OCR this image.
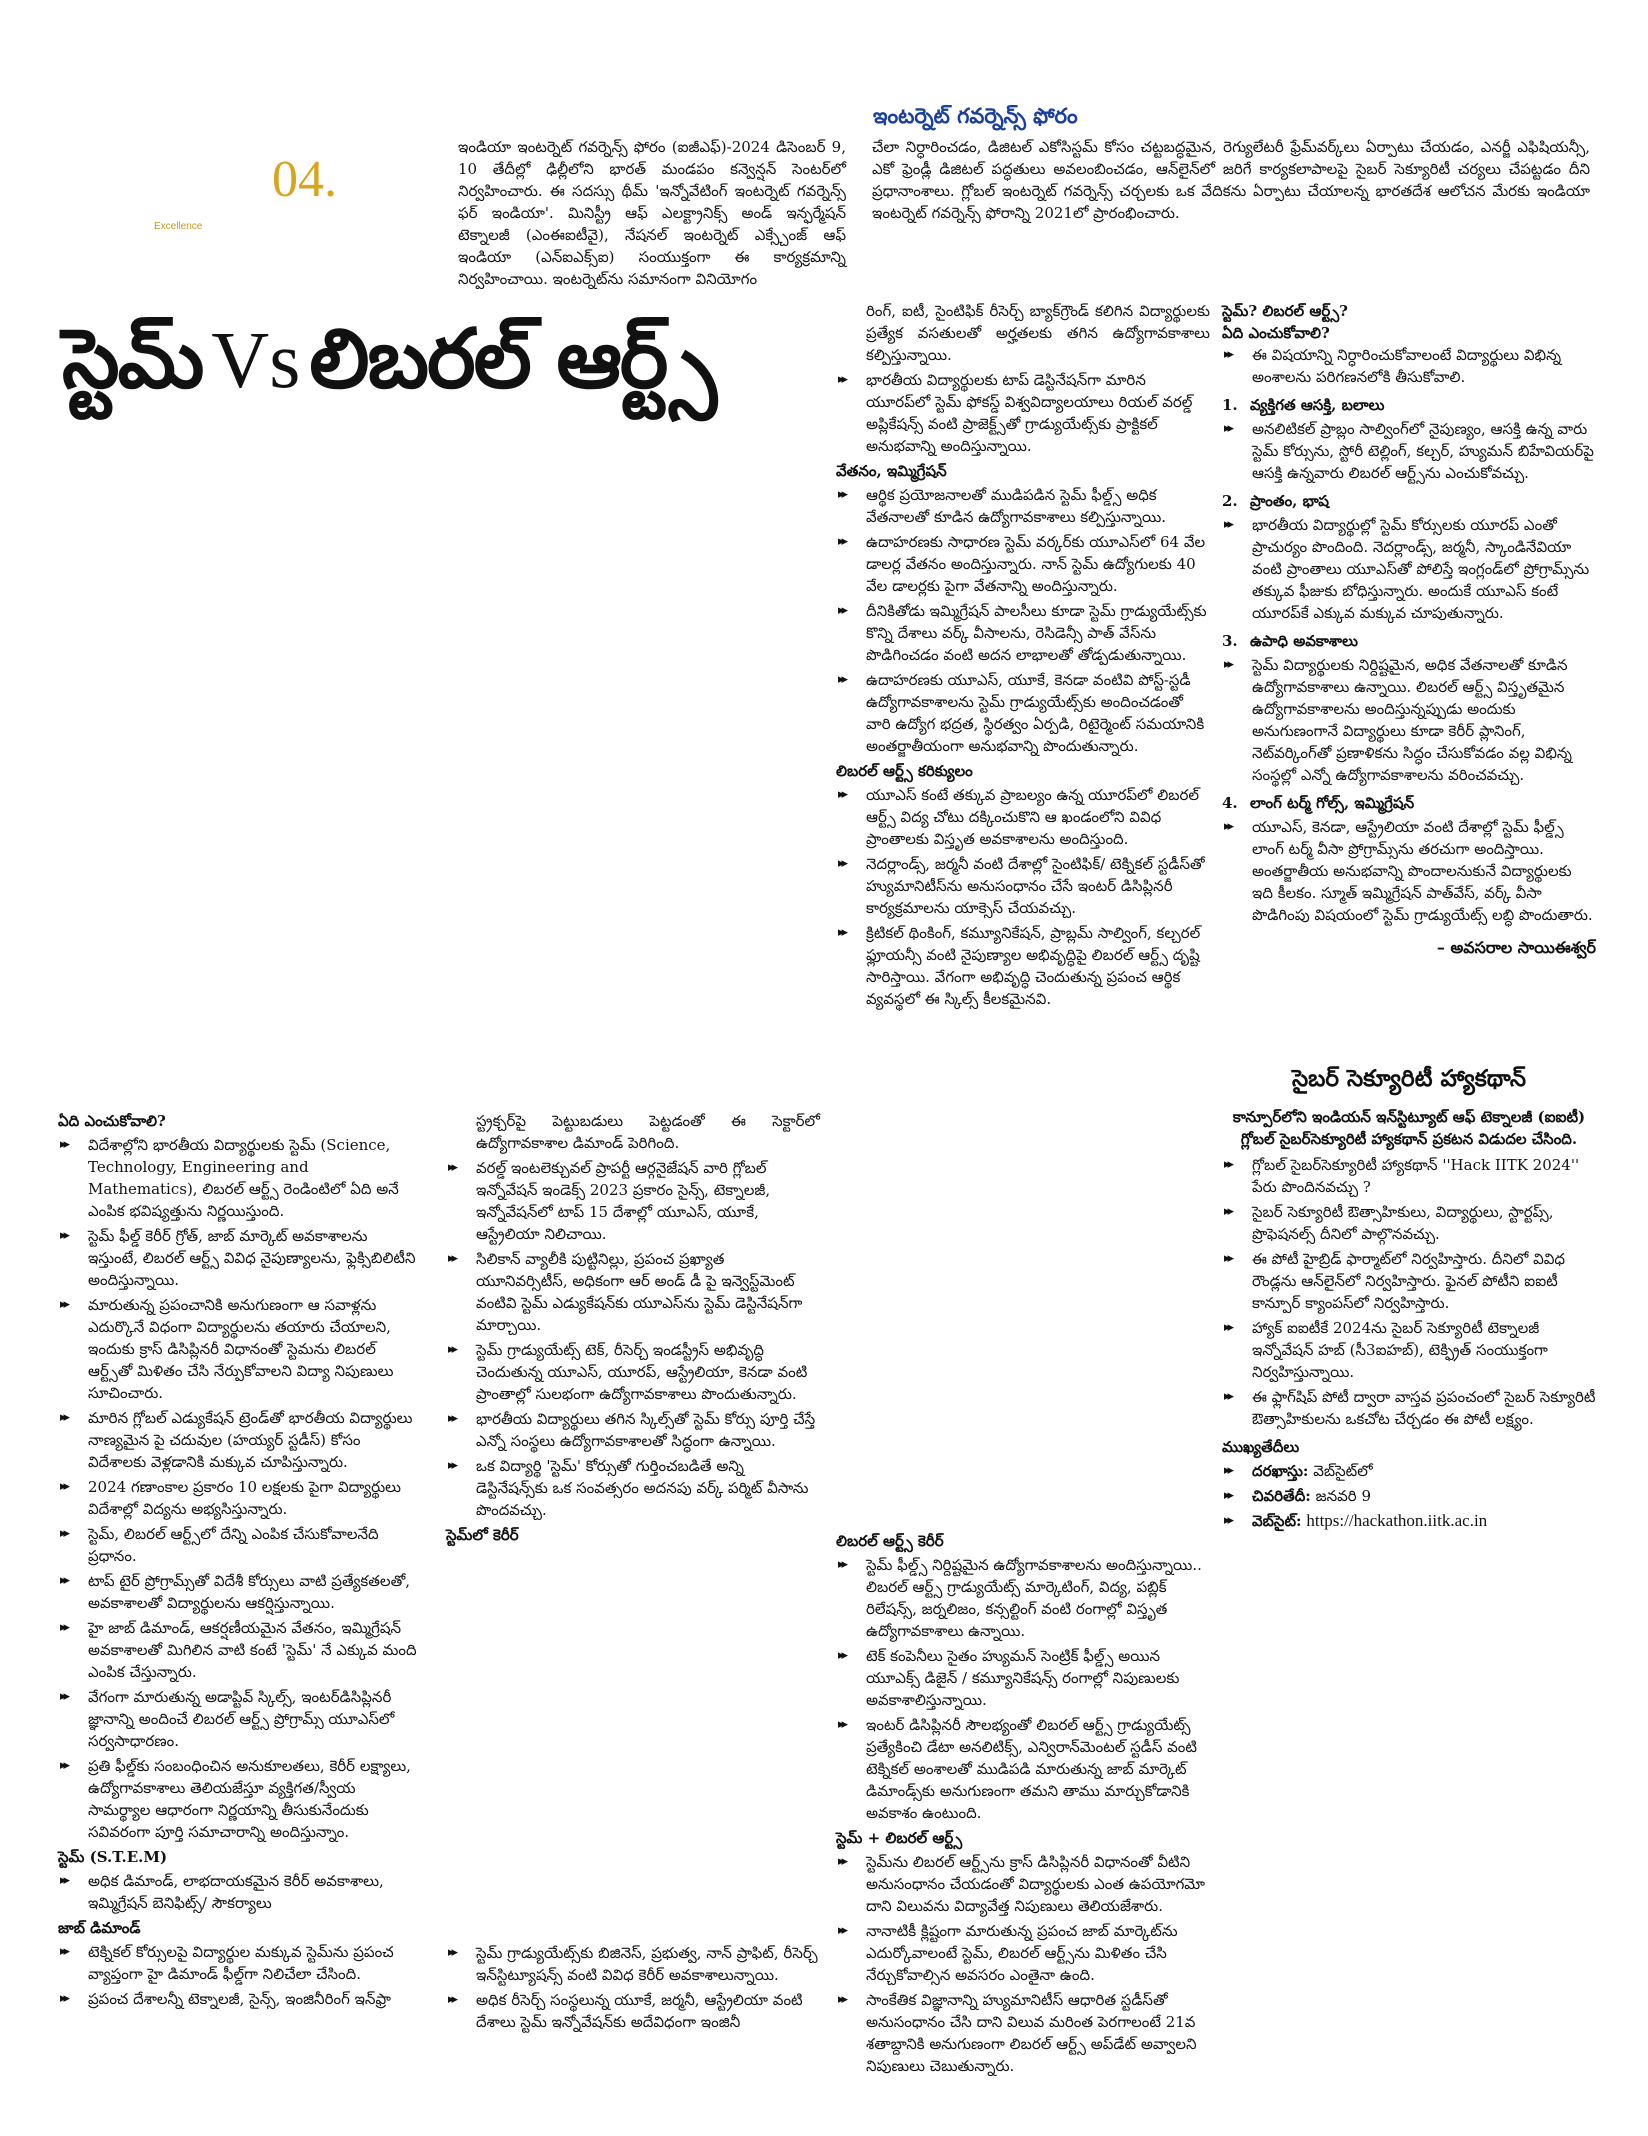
ఇంటర్నెట్ గవర్నెన్స్ ఫోరం
04.
Excellence

ఇండియా ఇంటర్నెట్ గవర్నెన్స్ ఫోరం (ఐజీఎఫ్)-2024 డిసెంబర్ 9, 10 తేదీల్లో ఢిల్లీలోని భారత్ మండపం కన్వెన్షన్ సెంటర్‌లో నిర్వహించారు. ఈ సదస్సు థీమ్ 'ఇన్నోవేటింగ్ ఇంటర్నెట్ గవర్నెన్స్ ఫర్ ఇండియా'. మినిస్ట్రీ ఆఫ్ ఎలక్ట్రానిక్స్ అండ్ ఇన్ఫర్మేషన్ టెక్నాలజీ (ఎంఈఐటీవై), నేషనల్ ఇంటర్నెట్ ఎక్స్చేంజ్ ఆఫ్ ఇండియా (ఎన్ఐఎక్స్ఐ) సంయుక్తంగా ఈ కార్యక్రమాన్ని నిర్వహించాయి. ఇంటర్నెట్‌ను సమానంగా వినియోగం

చేలా నిర్ధారించడం, డిజిటల్ ఎకోసిస్టమ్ కోసం చట్టబద్ధమైన, రెగ్యులేటరీ ఫ్రేమ్‌వర్క్‌లు ఏర్పాటు చేయడం, ఎనర్జీ ఎఫిషియన్సీ, ఎకో ఫ్రెండ్లీ డిజిటల్ పద్ధతులు అవలంబించడం, ఆన్‌లైన్‌లో జరిగే కార్యకలాపాలపై సైబర్ సెక్యూరిటీ చర్యలు చేపట్టడం దీని ప్రధానాంశాలు. గ్లోబల్ ఇంటర్నెట్ గవర్నెన్స్ చర్చలకు ఒక వేదికను ఏర్పాటు చేయాలన్న భారతదేశ ఆలోచన మేరకు ఇండియా ఇంటర్నెట్ గవర్నెన్స్ ఫోరాన్ని 2021లో ప్రారంభించారు.

స్టెమ్ Vs లిబరల్ ఆర్ట్స్

రింగ్, ఐటీ, సైంటిఫిక్ రీసెర్చ్ బ్యాక్‌గ్రౌండ్ కలిగిన విద్యార్థులకు ప్రత్యేక వసతులతో అర్హతలకు తగిన ఉద్యోగావకాశాలు కల్పిస్తున్నాయి.

▸▸ భారతీయ విద్యార్థులకు టాప్ డెస్టినేషన్‌గా మారిన యూరప్‌లో స్టెమ్ ఫోకస్డ్ విశ్వవిద్యాలయాలు రియల్ వరల్డ్ అప్లికేషన్స్ వంటి ప్రాజెక్ట్స్‌తో గ్రాడ్యుయేట్స్‌కు ప్రాక్టికల్ అనుభవాన్ని అందిస్తున్నాయి.
వేతనం, ఇమ్మిగ్రేషన్
▸▸ ఆర్థిక ప్రయోజనాలతో ముడిపడిన స్టెమ్ ఫీల్డ్స్ అధిక వేతనాలతో కూడిన ఉద్యోగావకాశాలు కల్పిస్తున్నాయి.
▸▸ ఉదాహరణకు సాధారణ స్టెమ్ వర్కర్‌కు యూఎస్‌లో 64 వేల డాలర్ల వేతనం అందిస్తున్నారు. నాన్ స్టెమ్ ఉద్యోగులకు 40 వేల డాలర్లకు పైగా వేతనాన్ని అందిస్తున్నారు.
▸▸ దీనికితోడు ఇమ్మిగ్రేషన్ పాలసీలు కూడా స్టెమ్ గ్రాడ్యుయేట్స్‌కు కొన్ని దేశాలు వర్క్ వీసాలను, రెసిడెన్సీ పాత్ వేస్‌ను పొడిగించడం వంటి అదన లాభాలతో తోడ్పడుతున్నాయి.
▸▸ ఉదాహరణకు యూఎస్, యూకే, కెనడా వంటివి పోస్ట్-స్టడీ ఉద్యోగావకాశాలను స్టెమ్ గ్రాడ్యుయేట్స్‌కు అందించడంతో వారి ఉద్యోగ భద్రత, స్థిరత్వం ఏర్పడి, రిటైర్మెంట్ సమయానికి అంతర్జాతీయంగా అనుభవాన్ని పొందుతున్నారు.
లిబరల్ ఆర్ట్స్ కరిక్యులం
▸▸ యూఎస్ కంటే తక్కువ ప్రాబల్యం ఉన్న యూరప్‌లో లిబరల్ ఆర్ట్స్ విద్య చోటు దక్కించుకొని ఆ ఖండంలోని వివిధ ప్రాంతాలకు విస్తృత అవకాశాలను అందిస్తుంది.
▸▸ నెదర్లాండ్స్, జర్మనీ వంటి దేశాల్లో సైంటిఫిక్/ టెక్నికల్ స్టడీస్‌తో హ్యుమానిటీస్‌ను అనుసంధానం చేసే ఇంటర్ డిసిప్లినరీ కార్యక్రమాలను యాక్సెస్ చేయవచ్చు.
▸▸ క్రిటికల్ థింకింగ్, కమ్యూనికేషన్, ప్రాబ్లమ్ సాల్వింగ్, కల్చరల్ ఫ్లూయన్సీ వంటి నైపుణ్యాల అభివృద్ధిపై లిబరల్ ఆర్ట్స్ దృష్టి సారిస్తాయి. వేగంగా అభివృద్ధి చెందుతున్న ప్రపంచ ఆర్థిక వ్యవస్థలో ఈ స్కిల్స్ కీలకమైనవి.
స్టెమ్? లిబరల్ ఆర్ట్స్?
ఏది ఎంచుకోవాలి?
▸▸ ఈ విషయాన్ని నిర్ధారించుకోవాలంటే విద్యార్థులు విభిన్న అంశాలను పరిగణనలోకి తీసుకోవాలి.
1. వ్యక్తిగత ఆసక్తి, బలాలు
▸▸ అనలిటికల్ ప్రాబ్లం సాల్వింగ్‌లో నైపుణ్యం, ఆసక్తి ఉన్న వారు స్టెమ్ కోర్సును, స్టోరీ టెల్లింగ్, కల్చర్, హ్యుమన్ బిహేవియర్‌పై ఆసక్తి ఉన్నవారు లిబరల్ ఆర్ట్స్‌ను ఎంచుకోవచ్చు.
2. ప్రాంతం, భాష
▸▸ భారతీయ విద్యార్థుల్లో స్టెమ్ కోర్సులకు యూరప్ ఎంతో ప్రాచుర్యం పొందింది. నెదర్లాండ్స్, జర్మనీ, స్కాండినేవియా వంటి ప్రాంతాలు యూఎస్‌తో పోలిస్తే ఇంగ్లండ్‌లో ప్రోగ్రామ్స్‌ను తక్కువ ఫీజుకు బోధిస్తున్నారు. అందుకే యూఎస్ కంటే యూరప్‌కే ఎక్కువ మక్కువ చూపుతున్నారు.
3. ఉపాధి అవకాశాలు
▸▸ స్టెమ్ విద్యార్థులకు నిర్దిష్టమైన, అధిక వేతనాలతో కూడిన ఉద్యోగావకాశాలు ఉన్నాయి. లిబరల్ ఆర్ట్స్ విస్తృతమైన ఉద్యోగావకాశాలను అందిస్తున్నప్పుడు అందుకు అనుగుణంగానే విద్యార్థులు కూడా కెరీర్ ప్లానింగ్, నెట్‌వర్కింగ్‌తో ప్రణాళికను సిద్ధం చేసుకోవడం వల్ల విభిన్న సంస్థల్లో ఎన్నో ఉద్యోగావకాశాలను వరించవచ్చు.
4. లాంగ్ టర్మ్ గోల్స్, ఇమ్మిగ్రేషన్
▸▸ యూఎస్, కెనడా, ఆస్ట్రేలియా వంటి దేశాల్లో స్టెమ్ ఫీల్డ్స్ లాంగ్ టర్మ్ వీసా ప్రోగ్రామ్స్‌ను తరచుగా అందిస్తాయి. అంతర్జాతీయ అనుభవాన్ని పొందాలనుకునే విద్యార్థులకు ఇది కీలకం. స్మూత్ ఇమ్మిగ్రేషన్ పాత్‌వేస్, వర్క్ వీసా పొడిగింపు విషయంలో స్టెమ్ గ్రాడ్యుయేట్స్ లబ్ధి పొందుతారు.
– అవసరాల సాయిఈశ్వర్
సైబర్ సెక్యూరిటీ హ్యాకథాన్

కాన్పూర్‌లోని ఇండియన్ ఇన్‌స్టిట్యూట్ ఆఫ్ టెక్నాలజీ (ఐఐటీ) గ్లోబల్ సైబర్‌సెక్యూరిటీ హ్యాకథాన్ ప్రకటన విడుదల చేసింది.

▸▸ గ్లోబల్ సైబర్‌సెక్యూరిటీ హ్యాకథాన్ ''Hack IITK 2024'' పేరు పొందినవచ్చు ?
▸▸ సైబర్ సెక్యూరిటీ ఔత్సాహికులు, విద్యార్థులు, స్టార్టప్స్, ప్రొఫెషనల్స్ దీనిలో పాల్గొనవచ్చు.
▸▸ ఈ పోటీ హైబ్రిడ్ ఫార్మాట్‌లో నిర్వహిస్తారు. దీనిలో వివిధ రౌండ్లను ఆన్‌లైన్‌లో నిర్వహిస్తారు. ఫైనల్ పోటీని ఐఐటీ కాన్పూర్ క్యాంపస్‌లో నిర్వహిస్తారు.
▸▸ హ్యాక్ ఐఐటీకే 2024ను సైబర్ సెక్యూరిటీ టెక్నాలజీ ఇన్నోవేషన్ హబ్ (సీ3ఐహబ్), టెక్ఫ్రిత్ సంయుక్తంగా నిర్వహిస్తున్నాయి.
▸▸ ఈ ఫ్లాగ్‌షిప్ పోటీ ద్వారా వాస్తవ ప్రపంచంలో సైబర్ సెక్యూరిటీ ఔత్సాహికులను ఒకచోట చేర్చడం ఈ పోటీ లక్ష్యం.
ముఖ్యతేదీలు
▸▸ దరఖాస్తు: వెబ్‌సైట్‌లో
▸▸ చివరితేదీ: జనవరి 9
▸▸ వెబ్‌సైట్: https://hackathon.iitk.ac.in
ఏది ఎంచుకోవాలి?
▸▸ విదేశాల్లోని భారతీయ విద్యార్థులకు స్టెమ్ (Science, Technology, Engineering and Mathematics), లిబరల్ ఆర్ట్స్ రెండింటిలో ఏది అనే ఎంపిక భవిష్యత్తును నిర్ణయిస్తుంది.
▸▸ స్టెమ్ ఫీల్డ్ కెరీర్ గ్రోత్, జాబ్ మార్కెట్ అవకాశాలను ఇస్తుంటే, లిబరల్ ఆర్ట్స్ వివిధ నైపుణ్యాలను, ఫ్లెక్సిబిలిటీని అందిస్తున్నాయి.
▸▸ మారుతున్న ప్రపంచానికి అనుగుణంగా ఆ సవాళ్లను ఎదుర్కొనే విధంగా విద్యార్థులను తయారు చేయాలని, ఇందుకు క్రాస్ డిసిప్లినరీ విధానంతో స్టెమను లిబరల్ ఆర్ట్స్‌తో మిళితం చేసి నేర్పుకోవాలని విద్యా నిపుణులు సూచించారు.
▸▸ మారిన గ్లోబల్ ఎడ్యుకేషన్ ట్రెండ్‌తో భారతీయ విద్యార్థులు నాణ్యమైన పై చదువుల (హయ్యర్ స్టడీస్) కోసం విదేశాలకు వెళ్లడానికి మక్కువ చూపిస్తున్నారు.
▸▸ 2024 గణాంకాల ప్రకారం 10 లక్షలకు పైగా విద్యార్థులు విదేశాల్లో విద్యను అభ్యసిస్తున్నారు.
▸▸ స్టెమ్, లిబరల్ ఆర్ట్స్‌లో దేన్ని ఎంపిక చేసుకోవాలనేది ప్రధానం.
▸▸ టాప్ టైర్ ప్రోగ్రామ్స్‌తో విదేశీ కోర్సులు వాటి ప్రత్యేకతలతో, అవకాశాలతో విద్యార్థులను ఆకర్షిస్తున్నాయి.
▸▸ హై జాబ్ డిమాండ్, ఆకర్షణీయమైన వేతనం, ఇమ్మిగ్రేషన్ అవకాశాలతో మిగిలిన వాటి కంటే 'స్టెమ్' నే ఎక్కువ మంది ఎంపిక చేస్తున్నారు.
▸▸ వేగంగా మారుతున్న అడాప్టివ్ స్కిల్స్, ఇంటర్‌డిసిప్లినరీ జ్ఞానాన్ని అందించే లిబరల్ ఆర్ట్స్ ప్రోగ్రామ్స్ యూఎస్‌లో సర్వసాధారణం.
▸▸ ప్రతి ఫీల్డ్‌కు సంబంధించిన అనుకూలతలు, కెరీర్ లక్ష్యాలు, ఉద్యోగావకాశాలు తెలియజేస్తూ వ్యక్తిగత/స్వీయ సామర్థ్యాల ఆధారంగా నిర్ణయాన్ని తీసుకునేందుకు సవివరంగా పూర్తి సమాచారాన్ని అందిస్తున్నాం.
స్టెమ్ (S.T.E.M)
▸▸ అధిక డిమాండ్, లాభదాయకమైన కెరీర్ అవకాశాలు, ఇమ్మిగ్రేషన్ బెనిఫిట్స్/ సౌకర్యాలు
జాబ్ డిమాండ్
▸▸ టెక్నికల్ కోర్సులపై విద్యార్థుల మక్కువ స్టెమ్‌ను ప్రపంచ వ్యాప్తంగా హై డిమాండ్ ఫీల్డ్‌గా నిలిచేలా చేసింది.
▸▸ ప్రపంచ దేశాలన్నీ టెక్నాలజీ, సైన్స్, ఇంజినీరింగ్ ఇన్‌ఫ్రా

స్ట్రక్చర్‌పై పెట్టుబడులు పెట్టడంతో ఈ సెక్టార్‌లో ఉద్యోగావకాశాల డిమాండ్ పెరిగింది.

▸▸ వరల్డ్ ఇంటలెక్చువల్ ప్రాపర్టీ ఆర్గనైజేషన్ వారి గ్లోబల్ ఇన్నోవేషన్ ఇండెక్స్ 2023 ప్రకారం సైన్స్, టెక్నాలజీ, ఇన్నోవేషన్‌లో టాప్ 15 దేశాల్లో యూఎస్, యూకే, ఆస్ట్రేలియా నిలిచాయి.
▸▸ సిలికాన్ వ్యాలీకి పుట్టినిల్లు, ప్రపంచ ప్రఖ్యాత యూనివర్సిటీస్, అధికంగా ఆర్ అండ్ డీ పై ఇన్వెస్ట్‌మెంట్ వంటివి స్టెమ్ ఎడ్యుకేషన్‌కు యూఎస్‌ను స్టెమ్ డెస్టినేషన్‌గా మార్చాయి.
▸▸ స్టెమ్ గ్రాడ్యుయేట్స్ టెక్, రీసెర్చ్ ఇండస్ట్రీస్ అభివృద్ధి చెందుతున్న యూఎస్, యూరప్, ఆస్ట్రేలియా, కెనడా వంటి ప్రాంతాల్లో సులభంగా ఉద్యోగావకాశాలు పొందుతున్నారు.
▸▸ భారతీయ విద్యార్థులు తగిన స్కిల్స్‌తో స్టెమ్ కోర్సు పూర్తి చేస్తే ఎన్నో సంస్థలు ఉద్యోగావకాశాలతో సిద్ధంగా ఉన్నాయి.
▸▸ ఒక విద్యార్థి 'స్టెమ్' కోర్సుతో గుర్తించబడితే అన్ని డెస్టినేషన్స్‌కు ఒక సంవత్సరం అదనపు వర్క్ పర్మిట్ వీసాను పొందవచ్చు.
స్టెమ్‌లో కెరీర్
▸▸ స్టెమ్ గ్రాడ్యుయేట్స్‌కు బిజినెస్, ప్రభుత్వ, నాన్ ప్రాఫిట్, రీసెర్చ్ ఇన్‌స్టిట్యూషన్స్ వంటి వివిధ కెరీర్ అవకాశాలున్నాయి.
▸▸ అధిక రీసెర్చ్ సంస్థలున్న యూకే, జర్మనీ, ఆస్ట్రేలియా వంటి దేశాలు స్టెమ్ ఇన్నోవేషన్‌కు అదేవిధంగా ఇంజినీ
లిబరల్ ఆర్ట్స్ కెరీర్
▸▸ స్టెమ్ ఫీల్డ్స్ నిర్దిష్టమైన ఉద్యోగావకాశాలను అందిస్తున్నాయి.. లిబరల్ ఆర్ట్స్ గ్రాడ్యుయేట్స్ మార్కెటింగ్, విద్య, పబ్లిక్ రిలేషన్స్, జర్నలిజం, కన్సల్టింగ్ వంటి రంగాల్లో విస్తృత ఉద్యోగావకాశాలు ఉన్నాయి.
▸▸ టెక్ కంపెనీలు సైతం హ్యుమన్ సెంట్రిక్ ఫీల్డ్స్ అయిన యూఎక్స్ డిజైన్ / కమ్యూనికేషన్స్ రంగాల్లో నిపుణులకు అవకాశాలిస్తున్నాయి.
▸▸ ఇంటర్ డిసిప్లినరీ సౌలభ్యంతో లిబరల్ ఆర్ట్స్ గ్రాడ్యుయేట్స్ ప్రత్యేకించి డేటా అనలిటిక్స్, ఎన్విరాన్‌మెంటల్ స్టడీస్ వంటి టెక్నికల్ అంశాలతో ముడిపడి మారుతున్న జాబ్ మార్కెట్ డిమాండ్స్‌కు అనుగుణంగా తమని తాము మార్చుకోడానికి అవకాశం ఉంటుంది.
స్టెమ్ + లిబరల్ ఆర్ట్స్
▸▸ స్టెమ్‌ను లిబరల్ ఆర్ట్స్‌ను క్రాస్ డిసిప్లినరీ విధానంతో వీటిని అనుసంధానం చేయడంతో విద్యార్థులకు ఎంత ఉపయోగమో దాని విలువను విద్యావేత్త నిపుణులు తెలియజేశారు.
▸▸ నానాటికీ క్లిష్టంగా మారుతున్న ప్రపంచ జాబ్ మార్కెట్‌ను ఎదుర్కోవాలంటే స్టెమ్, లిబరల్ ఆర్ట్స్‌ను మిళితం చేసి నేర్చుకోవాల్సిన అవసరం ఎంతైనా ఉంది.
▸▸ సాంకేతిక విజ్ఞానాన్ని హ్యుమానిటీస్ ఆధారిత స్టడీస్‌తో అనుసంధానం చేసి దాని విలువ మరింత పెరగాలంటే 21వ శతాబ్దానికి అనుగుణంగా లిబరల్ ఆర్ట్స్ అప్‌డేట్ అవ్వాలని నిపుణులు చెబుతున్నారు.
